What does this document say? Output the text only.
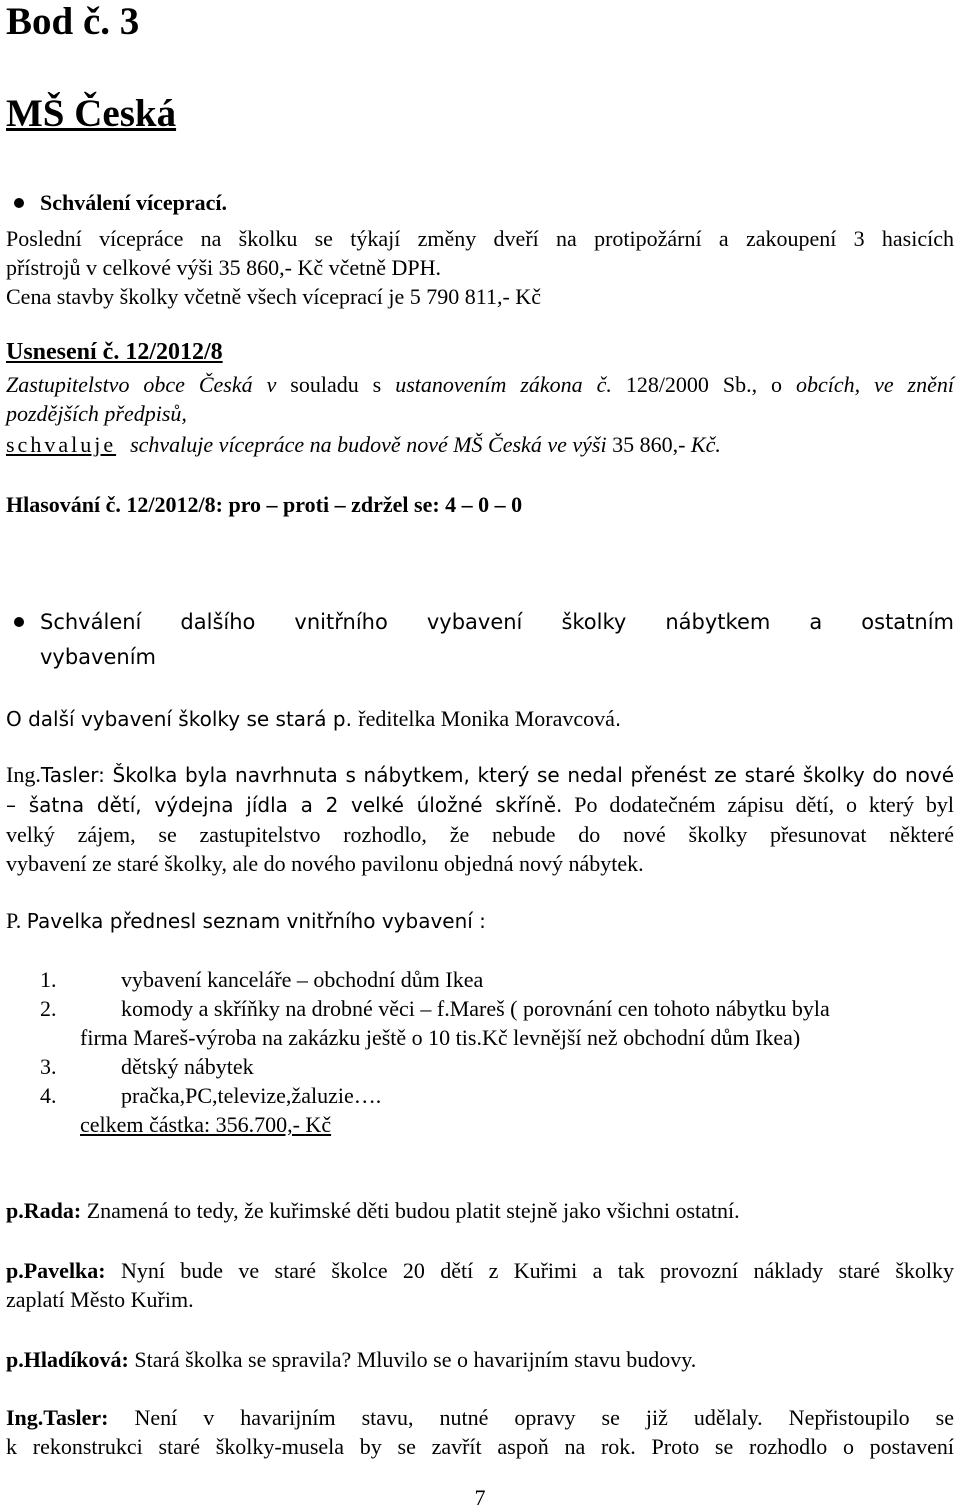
Bod č. 3
MŠ Česká
Schválení víceprací.
Poslední vícepráce na školku se týkají změny dveří na protipožární a zakoupení 3 hasicích
přístrojů v celkové výši 35 860,- Kč včetně DPH.
Cena stavby školky včetně všech víceprací je 5 790 811,- Kč
Usnesení č. 12/2012/8
Zastupitelstvo obce Česká v souladu s ustanovením zákona č. 128/2000 Sb., o obcích, ve znění
pozdějších předpisů,
schvaluje schvaluje vícepráce na budově nové MŠ Česká ve výši 35 860,- Kč.
Hlasování č. 12/2012/8: pro – proti – zdržel se: 4 – 0 – 0
Schválení dalšího vnitřního vybavení školky nábytkem a ostatním
vybavením
O další vybavení školky se stará p. ředitelka Monika Moravcová.
Ing.Tasler: Školka byla navrhnuta s nábytkem, který se nedal přenést ze staré školky do nové
– šatna dětí, výdejna jídla a 2 velké úložné skříně. Po dodatečném zápisu dětí, o který byl
velký zájem, se zastupitelstvo rozhodlo, že nebude do nové školky přesunovat některé
vybavení ze staré školky, ale do nového pavilonu objedná nový nábytek.
P. Pavelka přednesl seznam vnitřního vybavení :
1.	vybavení kanceláře – obchodní dům Ikea
2.	komody a skříňky na drobné věci – f.Mareš ( porovnání cen tohoto nábytku byla
firma Mareš-výroba na zakázku ještě o 10 tis.Kč levnější než obchodní dům Ikea)
3.	dětský nábytek
4.	pračka,PC,televize,žaluzie….
celkem částka: 356.700,- Kč
p.Rada: Znamená to tedy, že kuřimské děti budou platit stejně jako všichni ostatní.
p.Pavelka: Nyní bude ve staré školce 20 dětí z Kuřimi a tak provozní náklady staré školky
zaplatí Město Kuřim.
p.Hladíková: Stará školka se spravila? Mluvilo se o havarijním stavu budovy.
Ing.Tasler: Není v havarijním stavu, nutné opravy se již udělaly. Nepřistoupilo se
k rekonstrukci staré školky-musela by se zavřít aspoň na rok. Proto se rozhodlo o postavení
7
